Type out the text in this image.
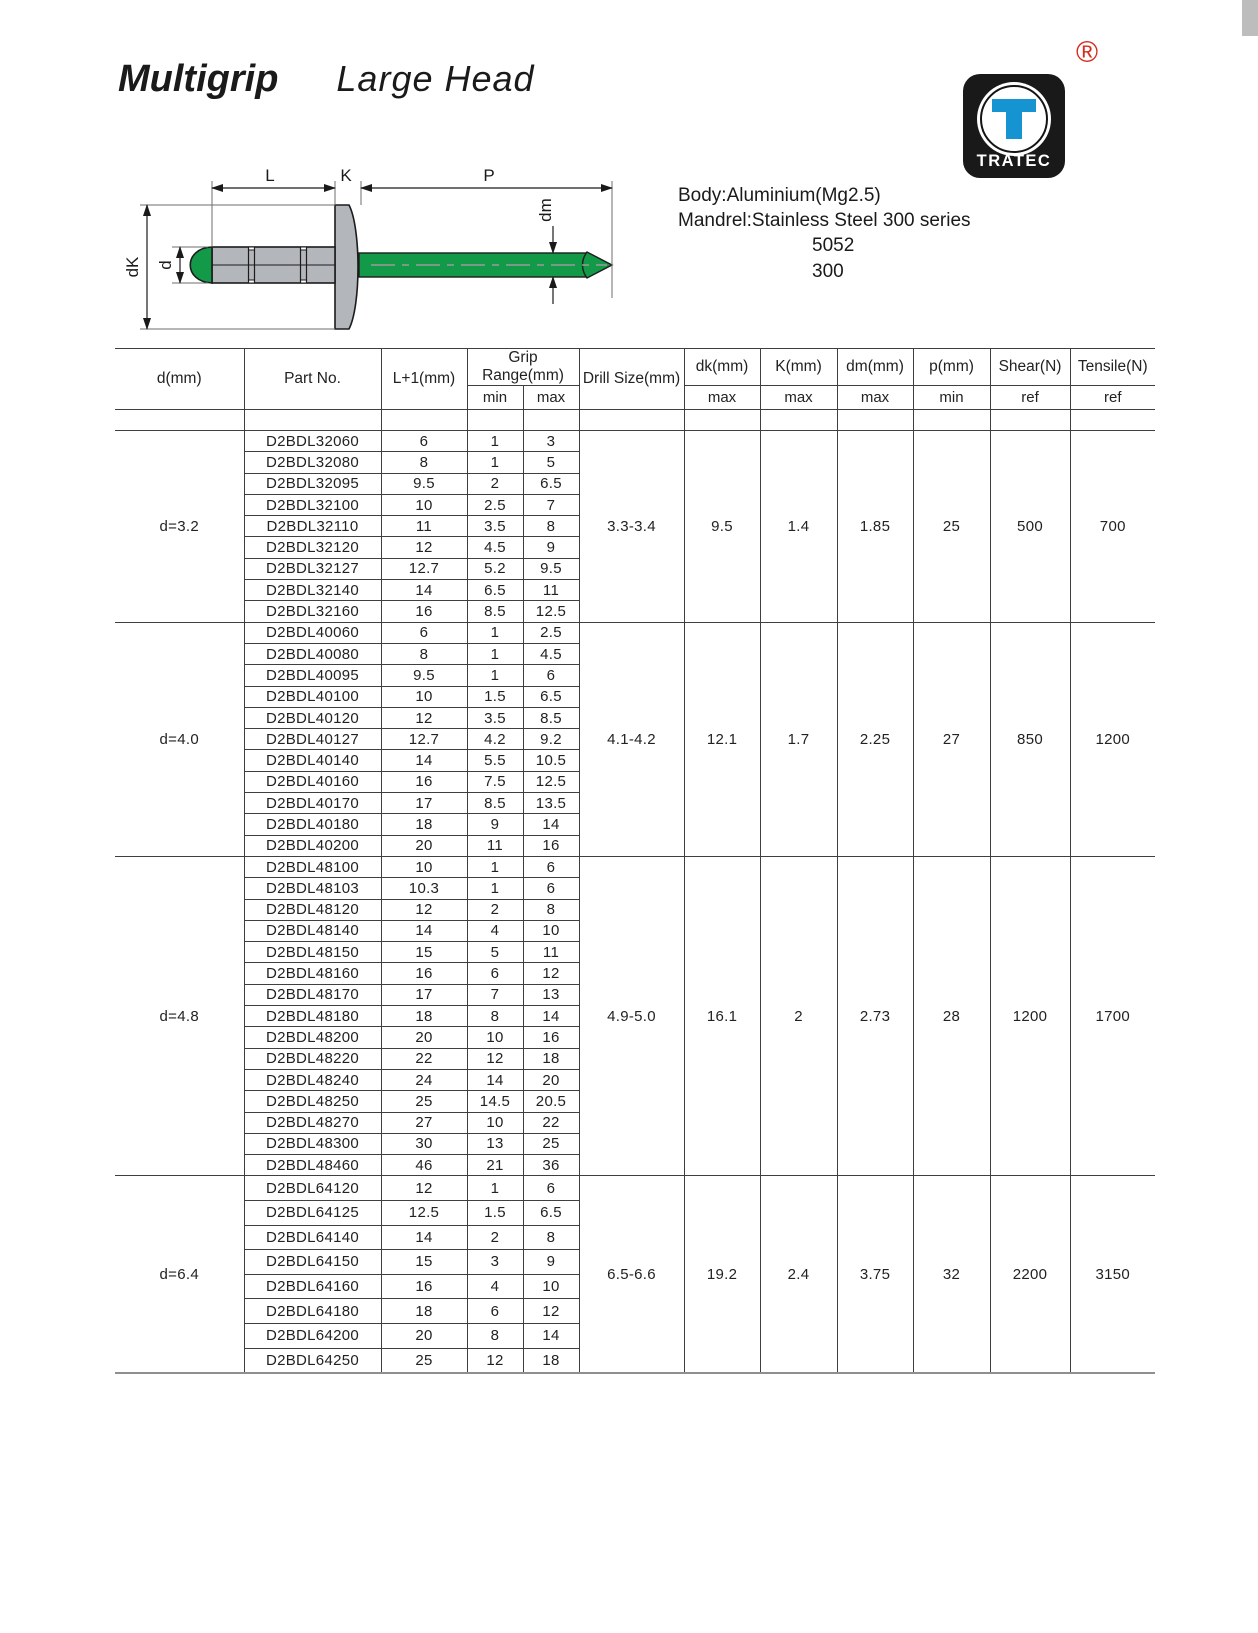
Multigrip Large Head
®
TRATEC
Body:Aluminium(Mg2.5)
Mandrel:Stainless Steel 300 series
5052
300
L	K	P
dK d
dm
d(mm)	Part No.	L+1(mm)	Grip Range(mm)		Drill Size(mm)	dk(mm)	K(mm)	dm(mm)	p(mm)	Shear(N)	Tensile(N)
			min	max		max	max	max	min	ref	ref

d=3.2	D2BDL32060	6	1	3	3.3-3.4	9.5	1.4	1.85	25	500	700
	D2BDL32080	8	1	5							
	D2BDL32095	9.5	2	6.5							
	D2BDL32100	10	2.5	7							
	D2BDL32110	11	3.5	8							
	D2BDL32120	12	4.5	9							
	D2BDL32127	12.7	5.2	9.5							
	D2BDL32140	14	6.5	11							
	D2BDL32160	16	8.5	12.5							
d=4.0	D2BDL40060	6	1	2.5	4.1-4.2	12.1	1.7	2.25	27	850	1200
	D2BDL40080	8	1	4.5							
	D2BDL40095	9.5	1	6							
	D2BDL40100	10	1.5	6.5							
	D2BDL40120	12	3.5	8.5							
	D2BDL40127	12.7	4.2	9.2							
	D2BDL40140	14	5.5	10.5							
	D2BDL40160	16	7.5	12.5							
	D2BDL40170	17	8.5	13.5							
	D2BDL40180	18	9	14							
	D2BDL40200	20	11	16							
d=4.8	D2BDL48100	10	1	6	4.9-5.0	16.1	2	2.73	28	1200	1700
	D2BDL48103	10.3	1	6							
	D2BDL48120	12	2	8							
	D2BDL48140	14	4	10							
	D2BDL48150	15	5	11							
	D2BDL48160	16	6	12							
	D2BDL48170	17	7	13							
	D2BDL48180	18	8	14							
	D2BDL48200	20	10	16							
	D2BDL48220	22	12	18							
	D2BDL48240	24	14	20							
	D2BDL48250	25	14.5	20.5							
	D2BDL48270	27	10	22							
	D2BDL48300	30	13	25							
	D2BDL48460	46	21	36							
d=6.4	D2BDL64120	12	1	6	6.5-6.6	19.2	2.4	3.75	32	2200	3150
	D2BDL64125	12.5	1.5	6.5							
	D2BDL64140	14	2	8							
	D2BDL64150	15	3	9							
	D2BDL64160	16	4	10							
	D2BDL64180	18	6	12							
	D2BDL64200	20	8	14							
	D2BDL64250	25	12	18							
